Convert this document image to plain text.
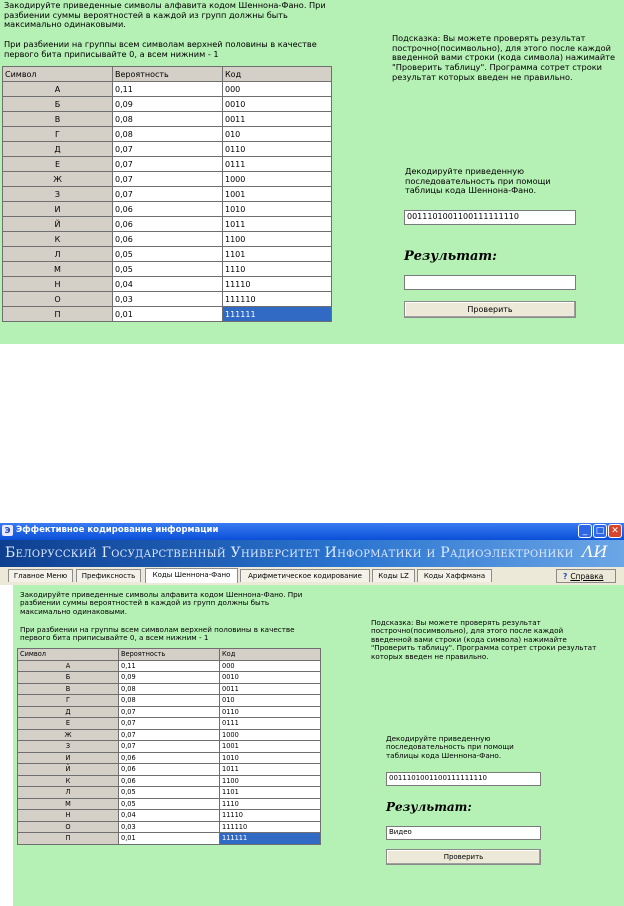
Закодируйте приведенные символы алфавита кодом Шеннона-Фано. При разбиении суммы вероятностей в каждой из групп должны быть максимально одинаковыми.
При разбиении на группы всем символам верхней половины в качестве первого бита приписывайте 0, а всем нижним - 1
Символ	Вероятность	Код
А	0,11	000
Б	0,09	0010
В	0,08	0011
Г	0,08	010
Д	0,07	0110
Е	0,07	0111
Ж	0,07	1000
З	0,07	1001
И	0,06	1010
Й	0,06	1011
К	0,06	1100
Л	0,05	1101
М	0,05	1110
Н	0,04	11110
О	0,03	111110
П	0,01	111111
Подсказка: Вы можете проверять результат построчно(посимвольно), для этого после каждой введенной вами строки (кода символа) нажимайте "Проверить таблицу". Программа сотрет строки результат которых введен не правильно.
Декодируйте приведенную последовательность при помощи таблицы кода Шеннона-Фано.
0011101001100111111110
Результат:
Проверить
Э Эффективное кодирование информации	_ □ ✕
Белорусский Государственный Университет Информатики и Радиоэлектроники ΛИ
Главное Меню	Префиксность	Коды Шеннона-Фано	Арифметическое кодирование	Коды LZ	Коды Хаффмана	? Справка
Закодируйте приведенные символы алфавита кодом Шеннона-Фано. При разбиении суммы вероятностей в каждой из групп должны быть максимально одинаковыми.
При разбиении на группы всем символам верхней половины в качестве первого бита приписывайте 0, а всем нижним - 1
Символ	Вероятность	Код
А	0,11	000
Б	0,09	0010
В	0,08	0011
Г	0,08	010
Д	0,07	0110
Е	0,07	0111
Ж	0,07	1000
З	0,07	1001
И	0,06	1010
Й	0,06	1011
К	0,06	1100
Л	0,05	1101
М	0,05	1110
Н	0,04	11110
О	0,03	111110
П	0,01	111111
Подсказка: Вы можете проверять результат построчно(посимвольно), для этого после каждой введенной вами строки (кода символа) нажимайте "Проверить таблицу". Программа сотрет строки результат которых введен не правильно.
Декодируйте приведенную последовательность при помощи таблицы кода Шеннона-Фано.
0011101001100111111110
Результат:
Видео
Проверить
